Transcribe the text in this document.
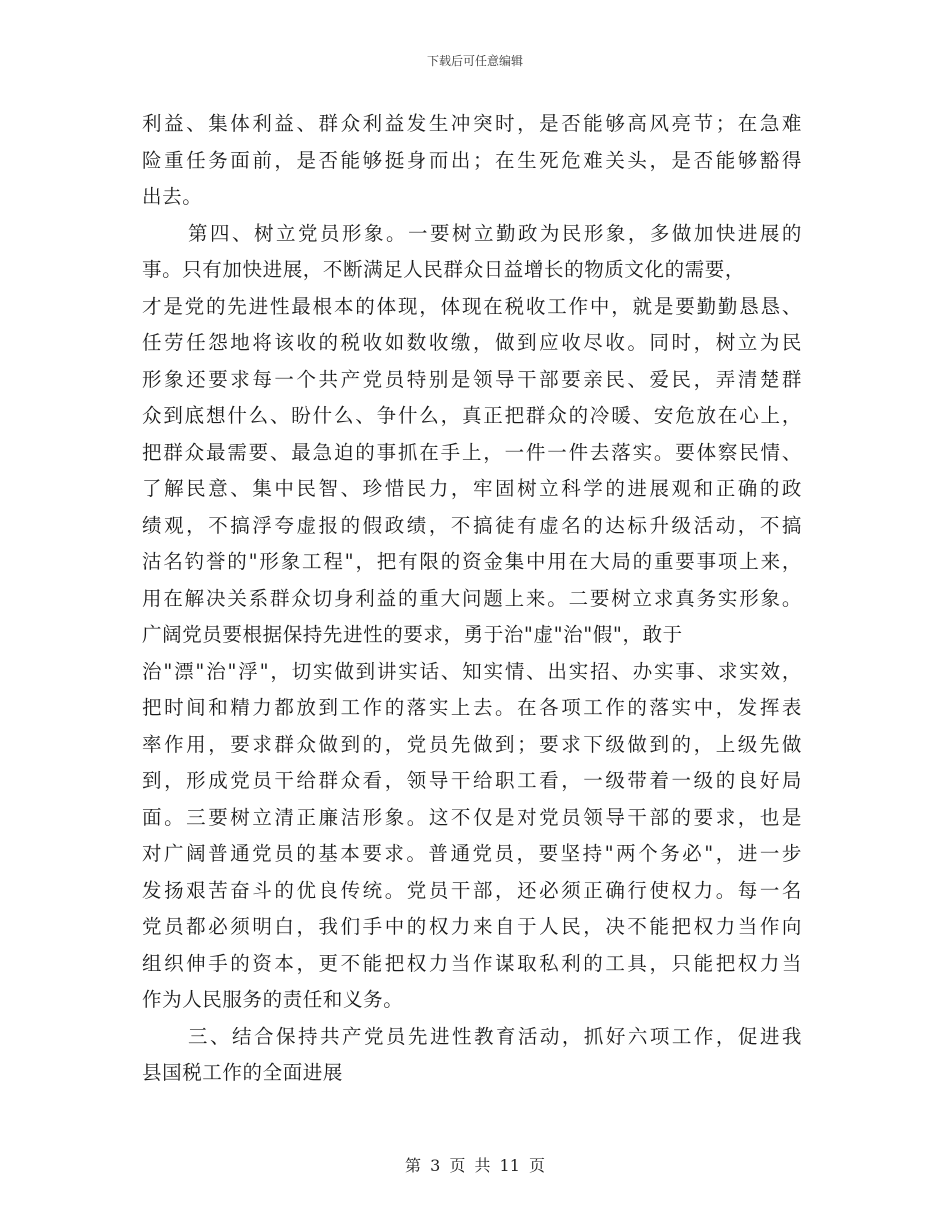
下载后可任意编辑
利益、集体利益、群众利益发生冲突时，是否能够高风亮节；在急难
险重任务面前，是否能够挺身而出；在生死危难关头，是否能够豁得
出去。
第四、树立党员形象。一要树立勤政为民形象，多做加快进展的
事。只有加快进展，不断满足人民群众日益增长的物质文化的需要，
才是党的先进性最根本的体现，体现在税收工作中，就是要勤勤恳恳、
任劳任怨地将该收的税收如数收缴，做到应收尽收。同时，树立为民
形象还要求每一个共产党员特别是领导干部要亲民、爱民，弄清楚群
众到底想什么、盼什么、争什么，真正把群众的冷暖、安危放在心上，
把群众最需要、最急迫的事抓在手上，一件一件去落实。要体察民情、
了解民意、集中民智、珍惜民力，牢固树立科学的进展观和正确的政
绩观，不搞浮夸虚报的假政绩，不搞徒有虚名的达标升级活动，不搞
沽名钓誉的"形象工程"，把有限的资金集中用在大局的重要事项上来，
用在解决关系群众切身利益的重大问题上来。二要树立求真务实形象。
广阔党员要根据保持先进性的要求，勇于治"虚"治"假"，敢于
治"漂"治"浮"，切实做到讲实话、知实情、出实招、办实事、求实效，
把时间和精力都放到工作的落实上去。在各项工作的落实中，发挥表
率作用，要求群众做到的，党员先做到；要求下级做到的，上级先做
到，形成党员干给群众看，领导干给职工看，一级带着一级的良好局
面。三要树立清正廉洁形象。这不仅是对党员领导干部的要求，也是
对广阔普通党员的基本要求。普通党员，要坚持"两个务必"，进一步
发扬艰苦奋斗的优良传统。党员干部，还必须正确行使权力。每一名
党员都必须明白，我们手中的权力来自于人民，决不能把权力当作向
组织伸手的资本，更不能把权力当作谋取私利的工具，只能把权力当
作为人民服务的责任和义务。
三、结合保持共产党员先进性教育活动，抓好六项工作，促进我
县国税工作的全面进展
第 3 页 共 11 页
